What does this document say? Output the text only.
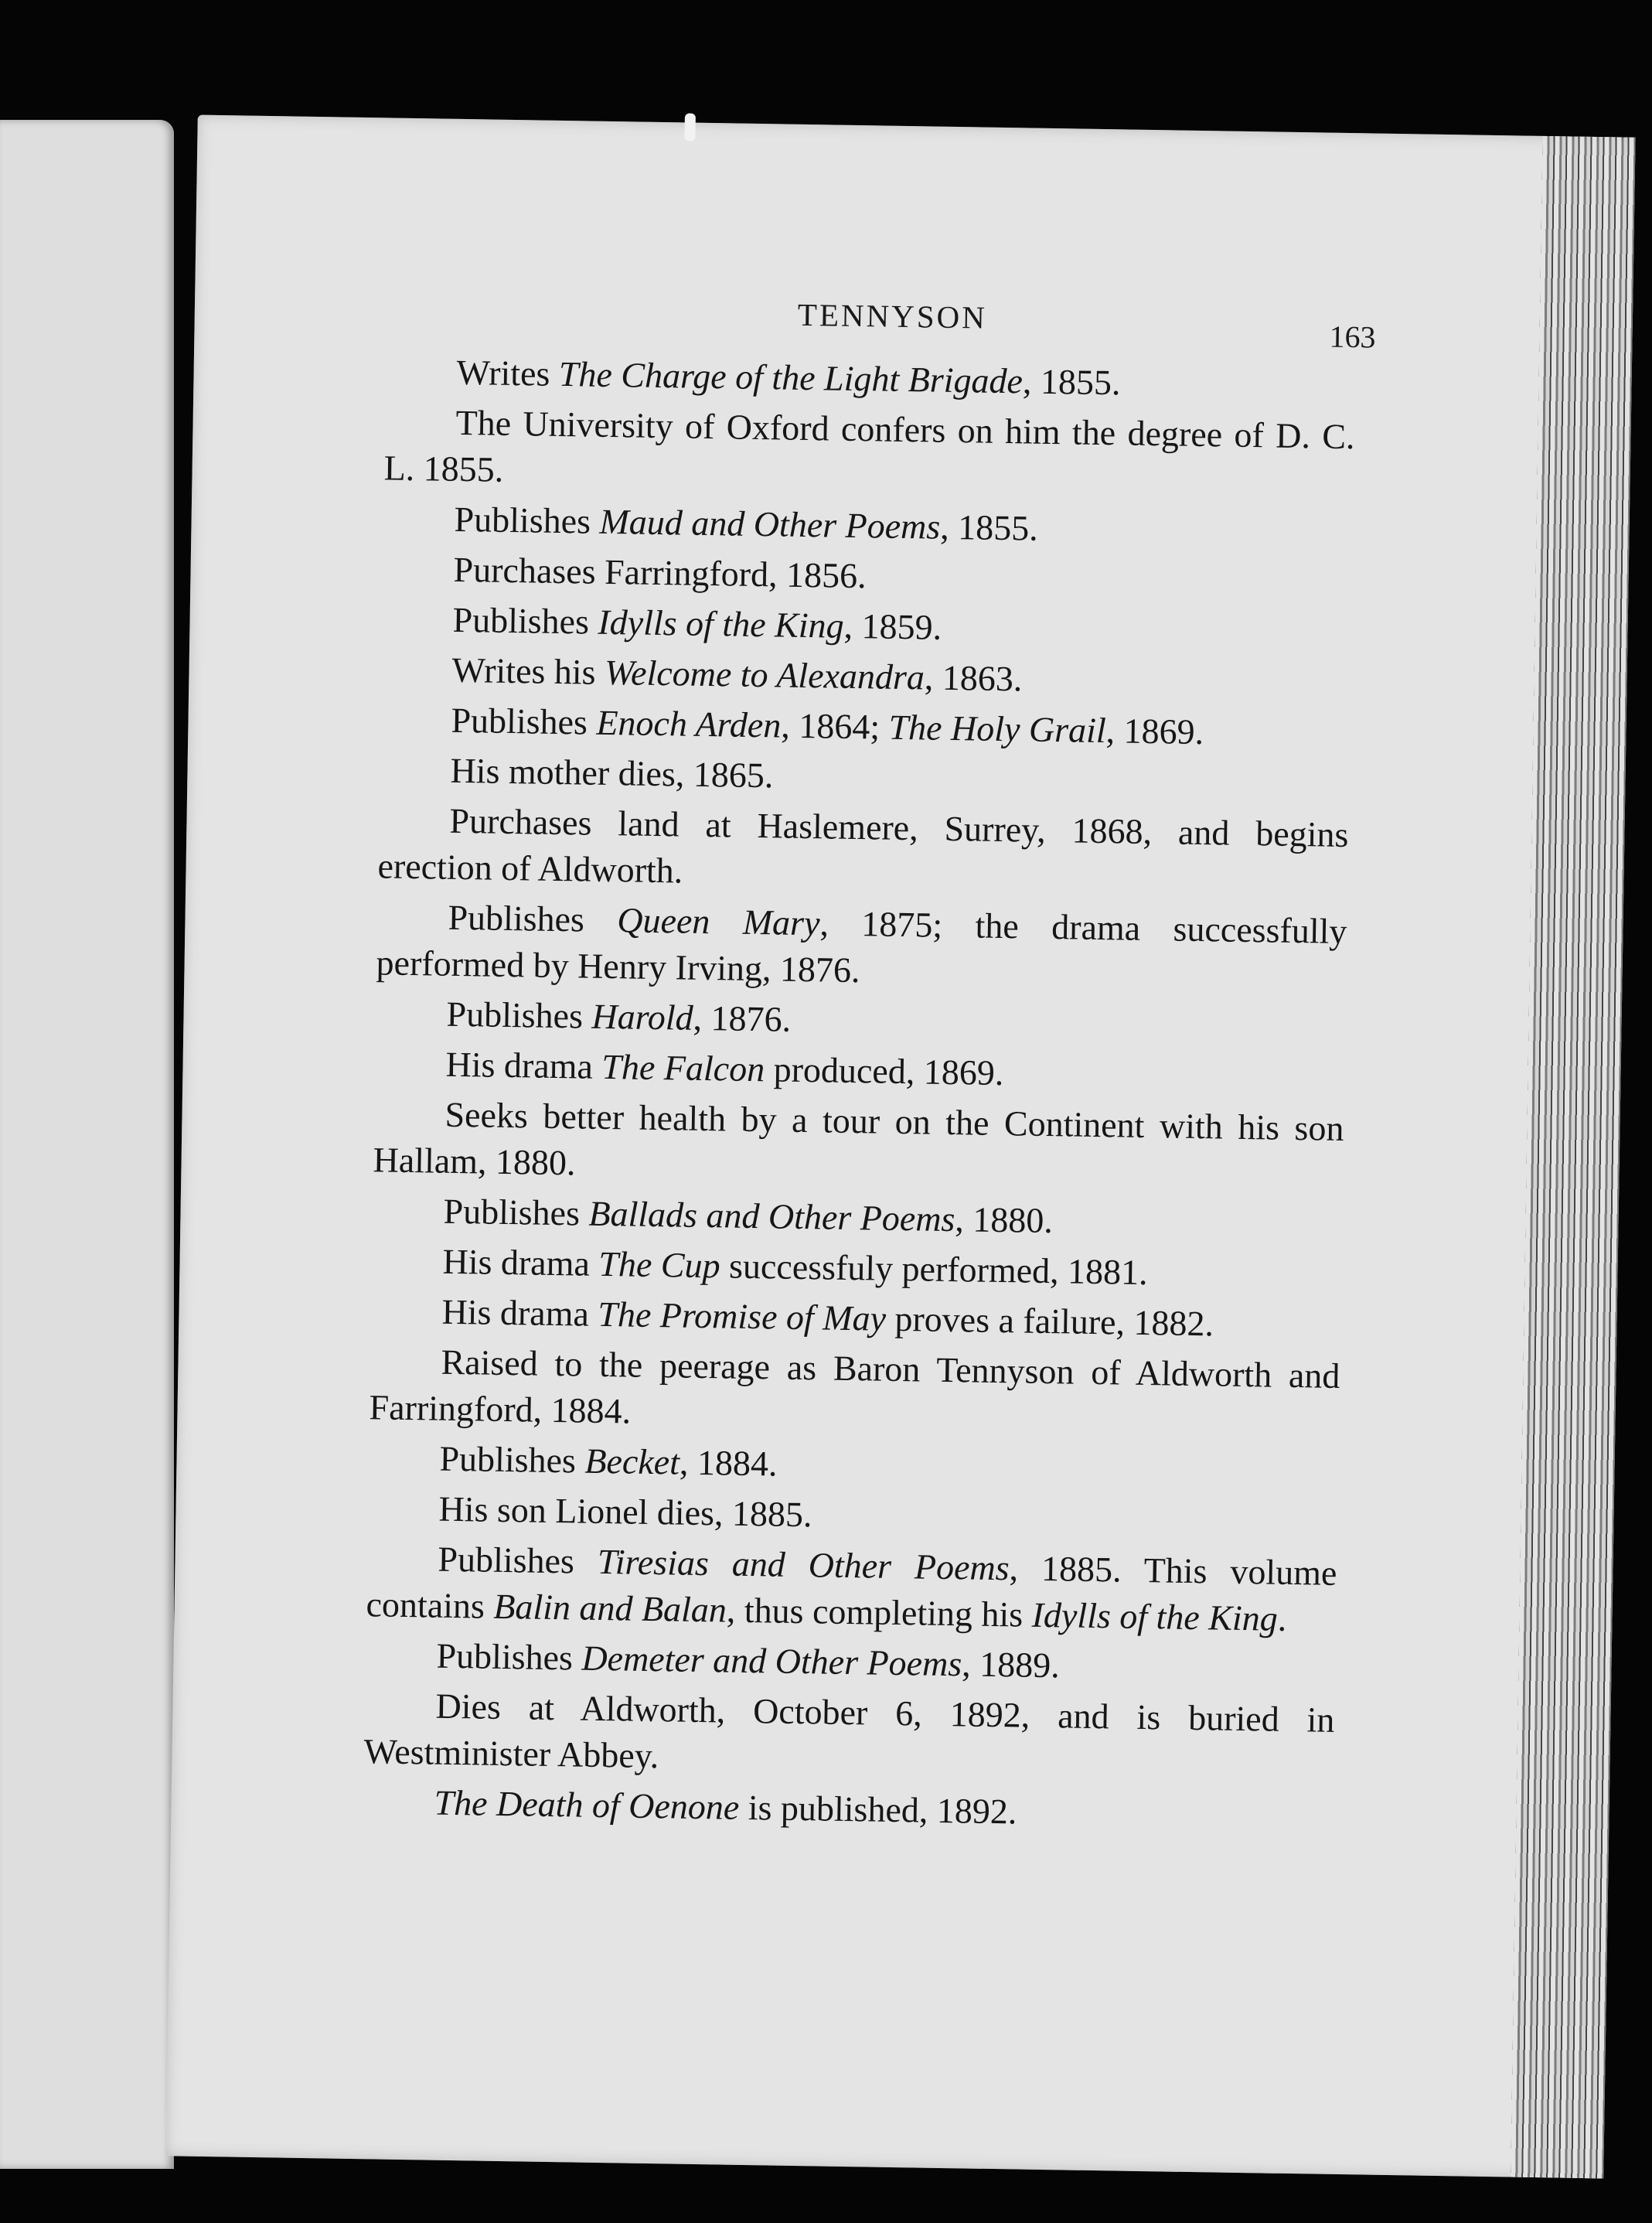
TENNYSON
163

Writes The Charge of the Light Brigade, 1855.

The University of Oxford confers on him the degree of D. C. L. 1855.

Publishes Maud and Other Poems, 1855.

Purchases Farringford, 1856.

Publishes Idylls of the King, 1859.

Writes his Welcome to Alexandra, 1863.

Publishes Enoch Arden, 1864; The Holy Grail, 1869.

His mother dies, 1865.

Purchases land at Haslemere, Surrey, 1868, and begins erection of Aldworth.

Publishes Queen Mary, 1875; the drama successfully performed by Henry Irving, 1876.

Publishes Harold, 1876.

His drama The Falcon produced, 1869.

Seeks better health by a tour on the Continent with his son Hallam, 1880.

Publishes Ballads and Other Poems, 1880.

His drama The Cup successfuly performed, 1881.

His drama The Promise of May proves a failure, 1882.

Raised to the peerage as Baron Tennyson of Aldworth and Farringford, 1884.

Publishes Becket, 1884.

His son Lionel dies, 1885.

Publishes Tiresias and Other Poems, 1885. This volume contains Balin and Balan, thus completing his Idylls of the King.

Publishes Demeter and Other Poems, 1889.

Dies at Aldworth, October 6, 1892, and is buried in Westminister Abbey.

The Death of Oenone is published, 1892.
